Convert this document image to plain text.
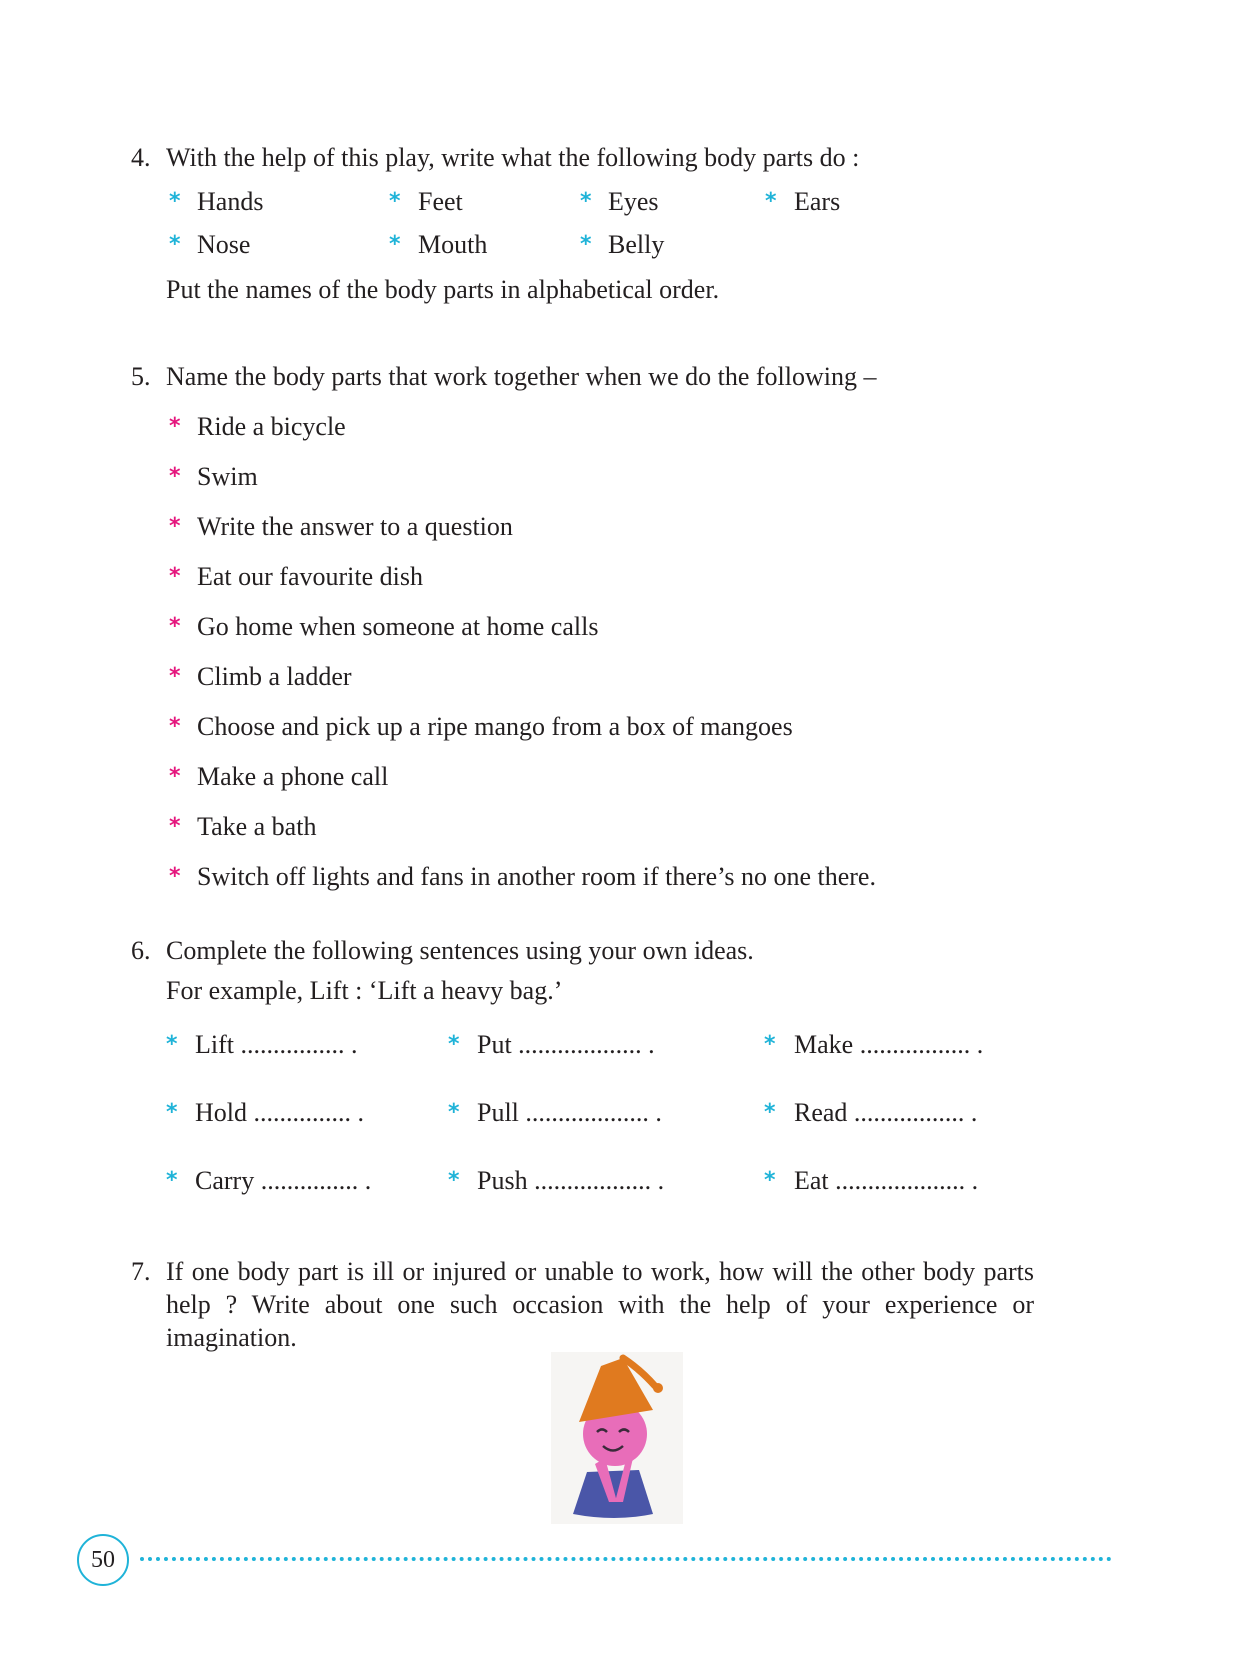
4. With the help of this play, write what the following body parts do :
* Hands	* Feet	* Eyes	* Ears
* Nose	* Mouth	* Belly
Put the names of the body parts in alphabetical order.
5. Name the body parts that work together when we do the following –
* Ride a bicycle
* Swim
* Write the answer to a question
* Eat our favourite dish
* Go home when someone at home calls
* Climb a ladder
* Choose and pick up a ripe mango from a box of mangoes
* Make a phone call
* Take a bath
* Switch off lights and fans in another room if there’s no one there.
6. Complete the following sentences using your own ideas.
For example, Lift : ‘Lift a heavy bag.’
* Lift ................ .	* Put ................... .	* Make ................. .
* Hold ............... .	* Pull ................... .	* Read ................. .
* Carry ............... .	* Push .................. .	* Eat .................... .
7. If one body part is ill or injured or unable to work, how will the other body parts help ? Write about one such occasion with the help of your experience or imagination.
50
